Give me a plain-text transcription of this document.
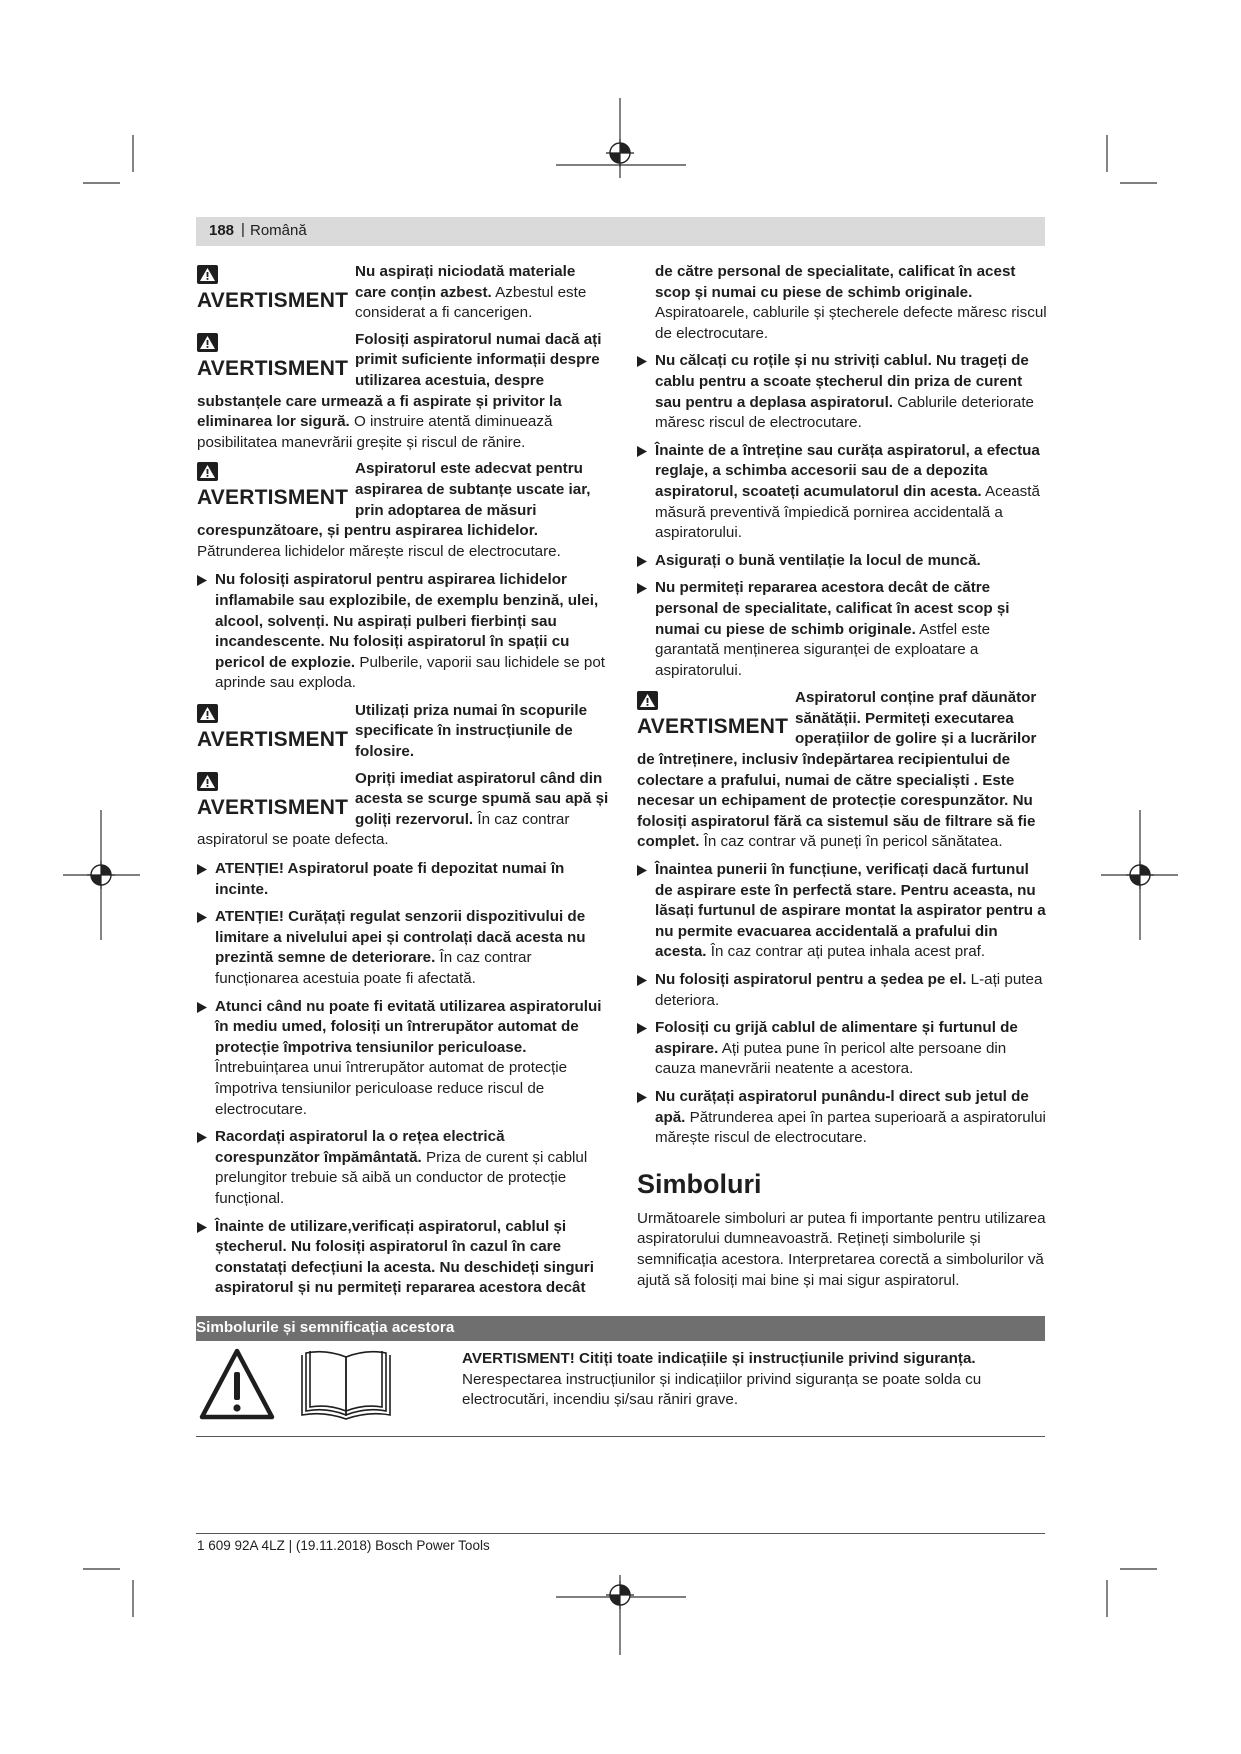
188 | Română
AVERTISMENT

Nu aspirați niciodată materiale care conțin azbest. Azbestul este considerat a fi cancerigen.

AVERTISMENT

Folosiți aspiratorul numai dacă ați primit suficiente informații despre utilizarea acestuia, despre substanțele care urmează a fi aspirate și privitor la eliminarea lor sigură. O instruire atentă diminuează posibilitatea manevrării greșite și riscul de rănire.

AVERTISMENT

Aspiratorul este adecvat pentru aspirarea de subtanțe uscate iar, prin adoptarea de măsuri corespunzătoare, și pentru aspirarea lichidelor. Pătrunderea lichidelor mărește riscul de electrocutare.

Nu folosiți aspiratorul pentru aspirarea lichidelor inflamabile sau explozibile, de exemplu benzină, ulei, alcool, solvenți. Nu aspirați pulberi fierbinți sau incandescente. Nu folosiți aspiratorul în spații cu pericol de explozie. Pulberile, vaporii sau lichidele se pot aprinde sau exploda.

AVERTISMENT

Utilizați priza numai în scopurile specificate în instrucțiunile de folosire.

AVERTISMENT

Opriți imediat aspiratorul când din acesta se scurge spumă sau apă și goliți rezervorul. În caz contrar aspiratorul se poate defecta.

ATENȚIE! Aspiratorul poate fi depozitat numai în incinte.

ATENȚIE! Curățați regulat senzorii dispozitivului de limitare a nivelului apei și controlați dacă acesta nu prezintă semne de deteriorare. În caz contrar funcționarea acestuia poate fi afectată.

Atunci când nu poate fi evitată utilizarea aspiratorului în mediu umed, folosiți un întrerupător automat de protecție împotriva tensiunilor periculoase. Întrebuințarea unui întrerupător automat de protecție împotriva tensiunilor periculoase reduce riscul de electrocutare.

Racordați aspiratorul la o rețea electrică corespunzător împământată. Priza de curent și cablul prelungitor trebuie să aibă un conductor de protecție funcțional.

Înainte de utilizare,verificați aspiratorul, cablul și ștecherul. Nu folosiți aspiratorul în cazul în care constatați defecțiuni la acesta. Nu deschideți singuri aspiratorul și nu permiteți repararea acestora decât

de către personal de specialitate, calificat în acest scop și numai cu piese de schimb originale. Aspiratoarele, cablurile și ștecherele defecte măresc riscul de electrocutare.

Nu călcați cu roțile și nu striviți cablul. Nu trageți de cablu pentru a scoate ștecherul din priza de curent sau pentru a deplasa aspiratorul. Cablurile deteriorate măresc riscul de electrocutare.

Înainte de a întreține sau curăța aspiratorul, a efectua reglaje, a schimba accesorii sau de a depozita aspiratorul, scoateți acumulatorul din acesta. Această măsură preventivă împiedică pornirea accidentală a aspiratorului.

Asigurați o bună ventilație la locul de muncă.

Nu permiteți repararea acestora decât de către personal de specialitate, calificat în acest scop și numai cu piese de schimb originale. Astfel este garantată menținerea siguranței de exploatare a aspiratorului.

AVERTISMENT

Aspiratorul conține praf dăunător sănătății. Permiteți executarea operațiilor de golire și a lucrărilor de întreținere, inclusiv îndepărtarea recipientului de colectare a prafului, numai de către specialiști . Este necesar un echipament de protecție corespunzător. Nu folosiți aspiratorul fără ca sistemul său de filtrare să fie complet. În caz contrar vă puneți în pericol sănătatea.

Înaintea punerii în funcțiune, verificați dacă furtunul de aspirare este în perfectă stare. Pentru aceasta, nu lăsați furtunul de aspirare montat la aspirator pentru a nu permite evacuarea accidentală a prafului din acesta. În caz contrar ați putea inhala acest praf.

Nu folosiți aspiratorul pentru a ședea pe el. L-ați putea deteriora.

Folosiți cu grijă cablul de alimentare și furtunul de aspirare. Ați putea pune în pericol alte persoane din cauza manevrării neatente a acestora.

Nu curățați aspiratorul punându-l direct sub jetul de apă. Pătrunderea apei în partea superioară a aspiratorului mărește riscul de electrocutare.

Simboluri

Următoarele simboluri ar putea fi importante pentru utilizarea aspiratorului dumneavoastră. Rețineți simbolurile și semnificația acestora. Interpretarea corectă a simbolurilor vă ajută să folosiți mai bine și mai sigur aspiratorul.

Simbolurile și semnificația acestora
AVERTISMENT! Citiți toate indicațiile și instrucțiunile privind siguranța.
Nerespectarea instrucțiunilor și indicațiilor privind siguranța se poate solda cu electrocutări, incendiu și/sau răniri grave.
1 609 92A 4LZ | (19.11.2018) Bosch Power Tools
